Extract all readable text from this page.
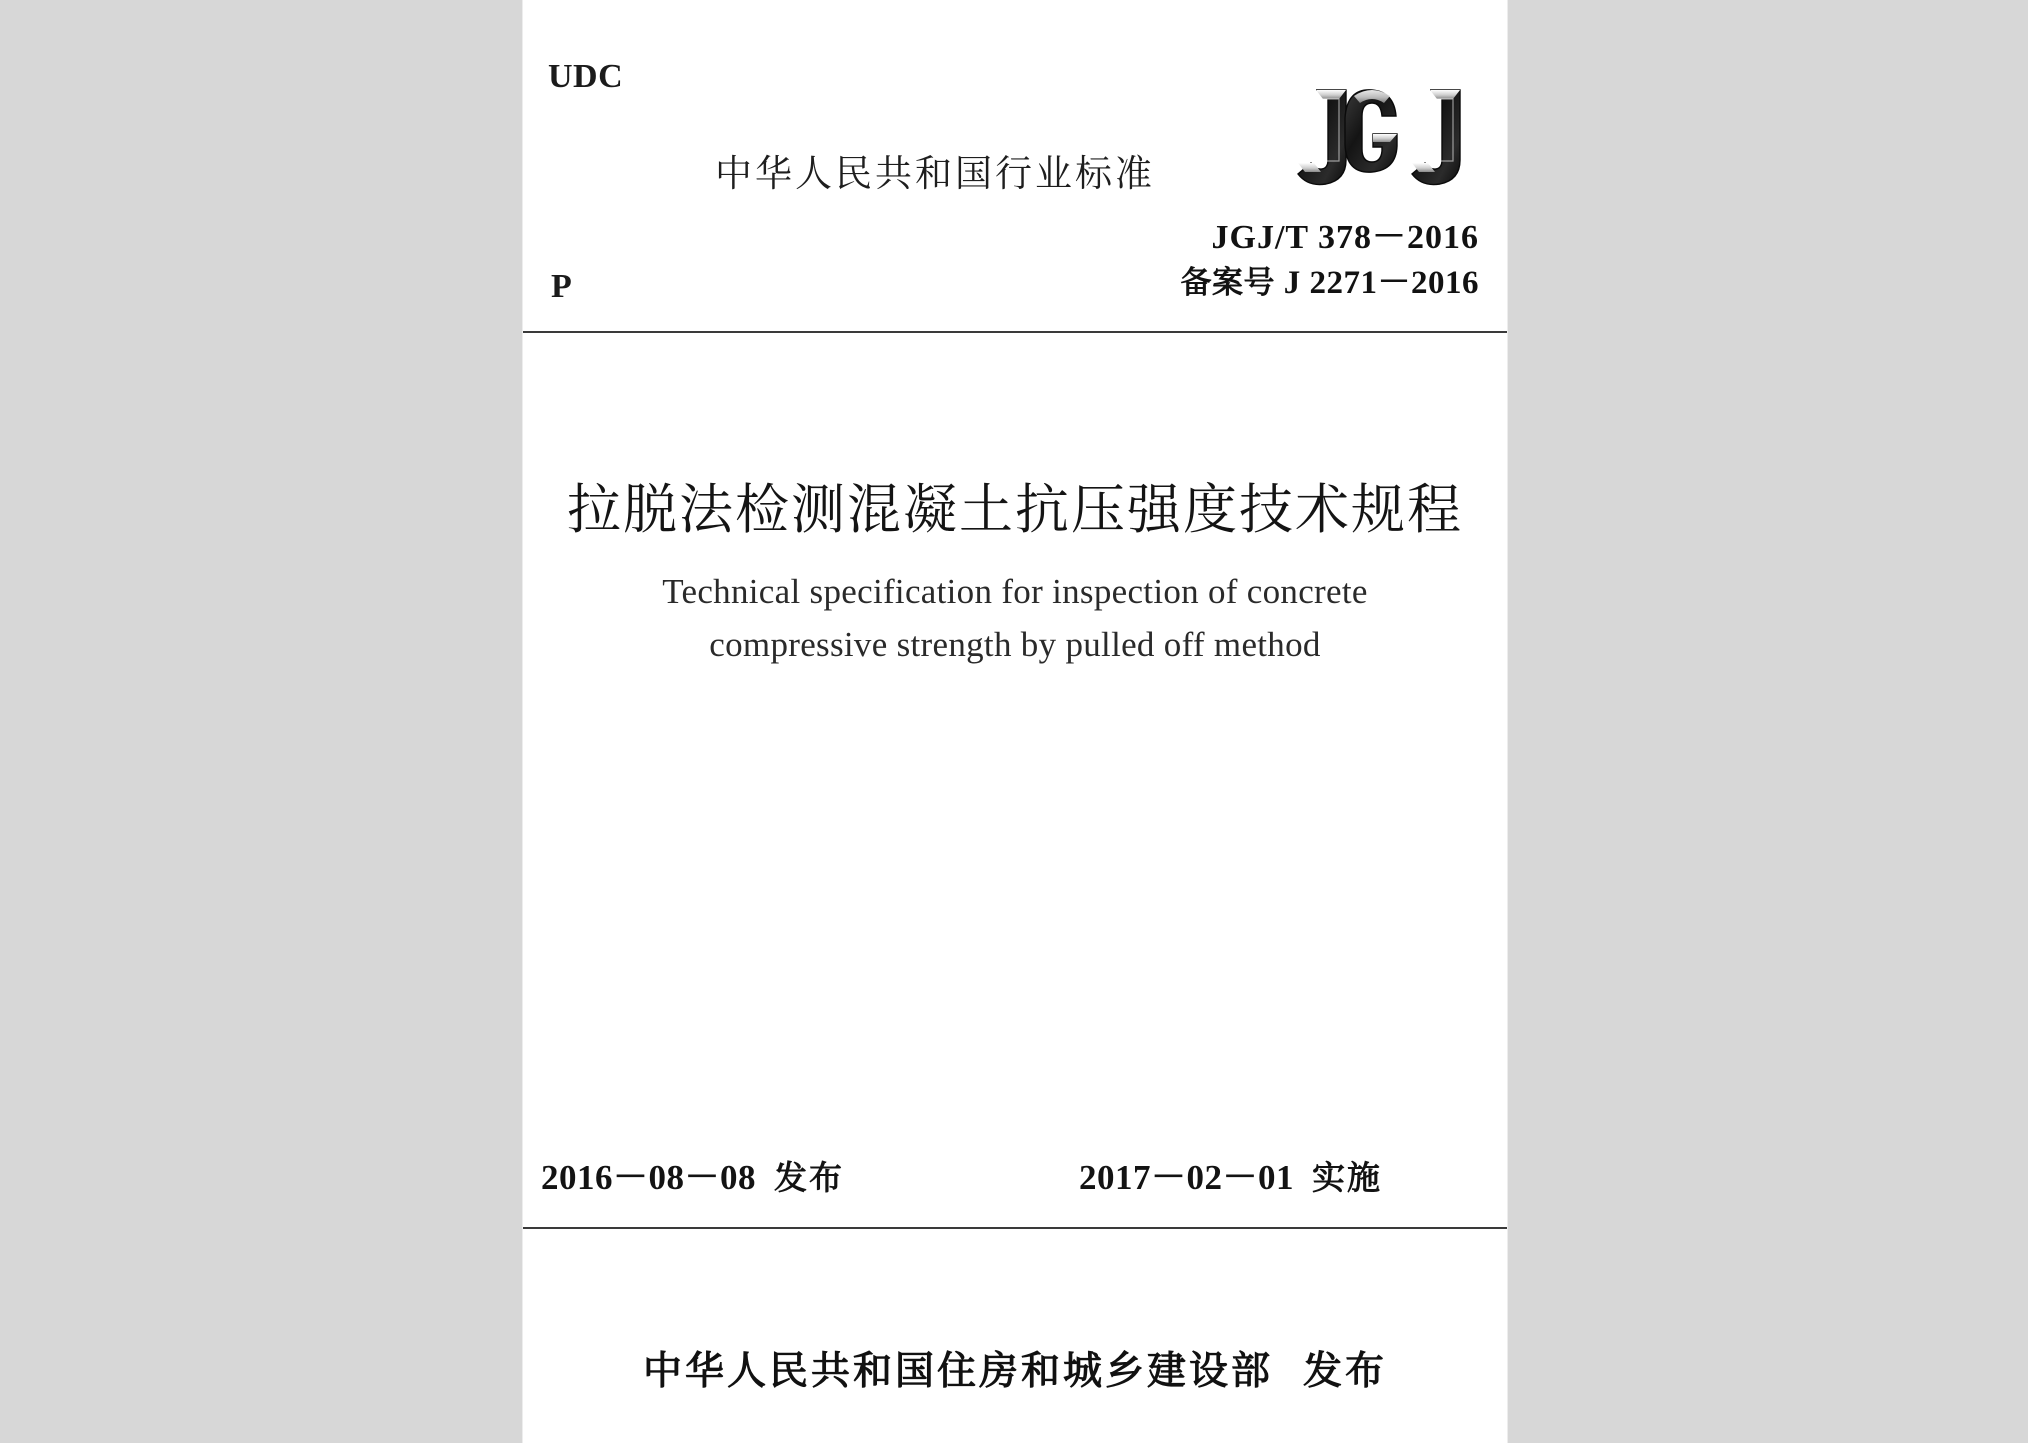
UDC
中华人民共和国行业标准
JGJ/T 378－2016
备案号 J 2271－2016
P
拉脱法检测混凝土抗压强度技术规程
Technical specification for inspection of concrete
compressive strength by pulled off method
2016－08－08 发布	2017－02－01 实施
中华人民共和国住房和城乡建设部 发布
